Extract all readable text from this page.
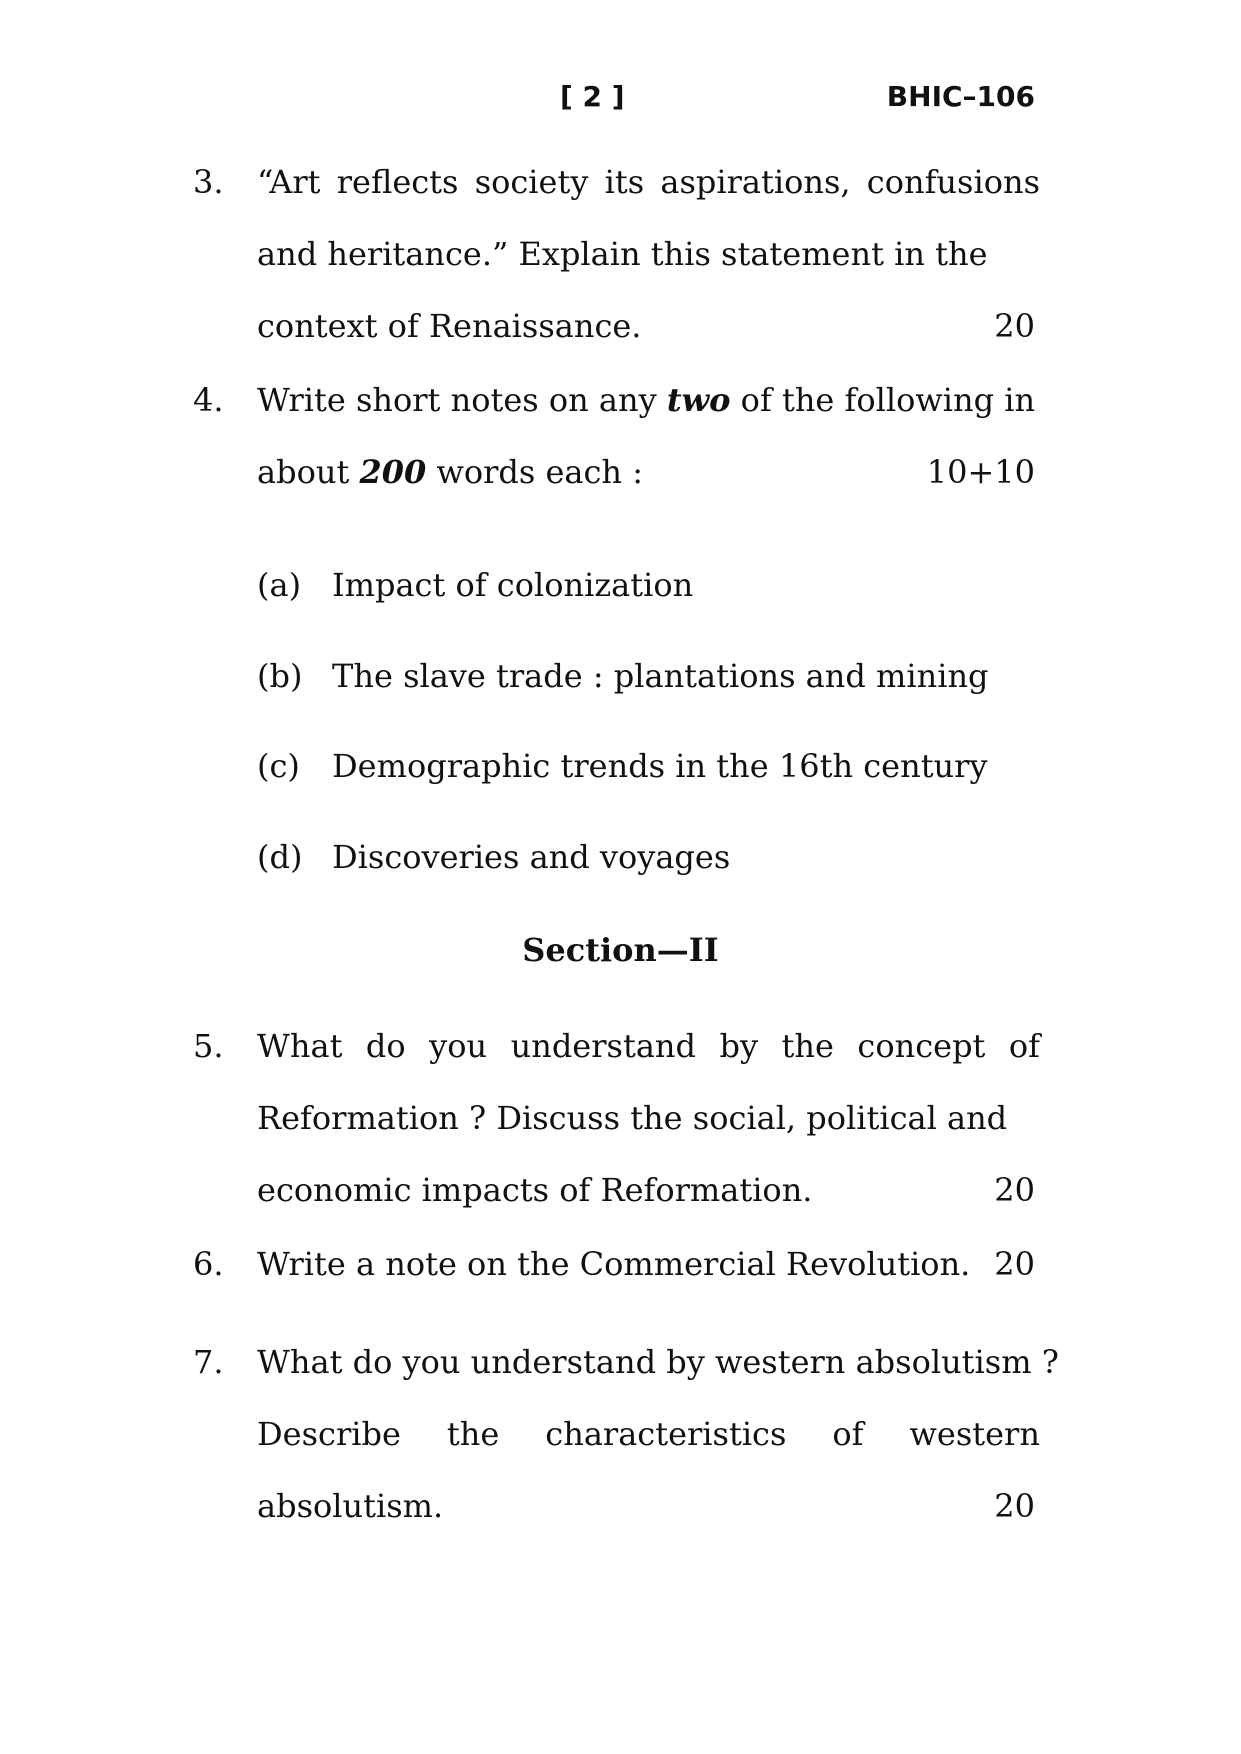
[ 2 ]	BHIC–106
3. “Art reflects society its aspirations, confusions
and heritance.” Explain this statement in the
context of Renaissance.	20
4. Write short notes on any two of the following in
about 200 words each :	10+10
(a) Impact of colonization
(b) The slave trade : plantations and mining
(c) Demographic trends in the 16th century
(d) Discoveries and voyages
Section—II
5. What do you understand by the concept of
Reformation ? Discuss the social, political and
economic impacts of Reformation.	20
6. Write a note on the Commercial Revolution. 20
7. What do you understand by western absolutism ?
Describe the characteristics of western
absolutism.	20
